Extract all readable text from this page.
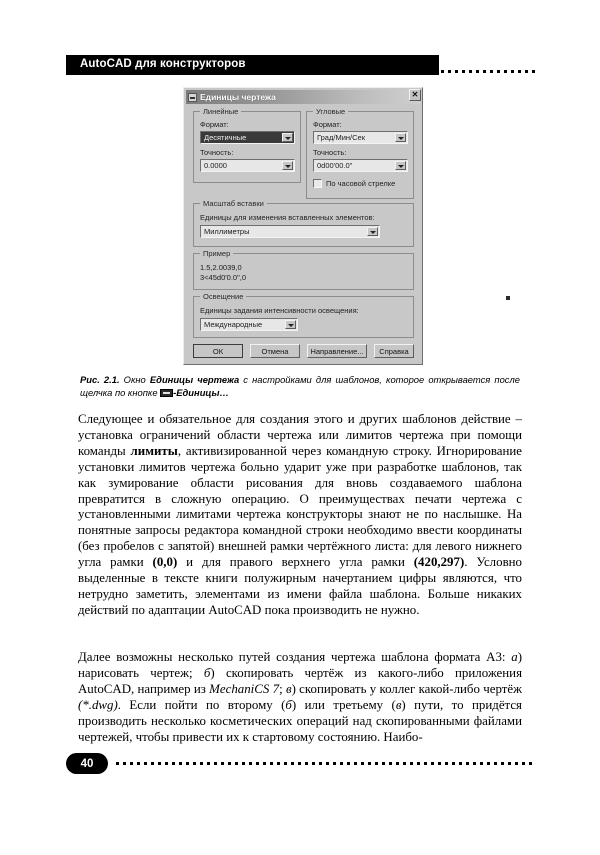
AutoCAD для конструкторов
Единицы чертежа	✕
Линейные
Формат:
Десятичные
Точность:
0.0000
Угловые
Формат:
Град/Мин/Сек
Точность:
0d00'00.0"
По часовой стрелке
Масштаб вставки
Единицы для изменения вставленных элементов:
Миллиметры
Пример
1.5,2.0039,0
3<45d0'0.0",0
Освещение
Единицы задания интенсивности освещения:
Международные
ОК	Отмена	Направление...	Справка
Рис. 2.1. Окно Единицы чертежа с настройками для шаблонов, которое открывается после щелчка по кнопке -Единицы…

Следующее и обязательное для создания этого и других шаблонов действие – установка ограничений области чертежа или лимитов чертежа при помощи команды лимиты, активизированной через командную строку. Игнорирование установки лимитов чертежа больно ударит уже при разработке шаблонов, так как зумирование области рисования для вновь создаваемого шаблона превратится в сложную операцию. О преимуществах печати чертежа с установленными лимитами чертежа конструкторы знают не по наслышке. На понятные запросы редактора командной строки необходимо ввести координаты (без пробелов с запятой) внешней рамки чертёжного листа: для левого нижнего угла рамки (0,0) и для правого верхнего угла рамки (420,297). Условно выделенные в тексте книги полужирным начертанием цифры являются, что нетрудно заметить, элементами из имени файла шаблона. Больше никаких действий по адаптации AutoCAD пока производить не нужно.

Далее возможны несколько путей создания чертежа шаблона формата А3: а) нарисовать чертеж; б) скопировать чертёж из какого-либо приложения AutoCAD, например из MechaniCS 7; в) скопировать у коллег какой-либо чертёж (*.dwg). Если пойти по второму (б) или третьему (в) пути, то придётся производить несколько косметических операций над скопированными файлами чертежей, чтобы привести их к стартовому состоянию. Наибо-

40
